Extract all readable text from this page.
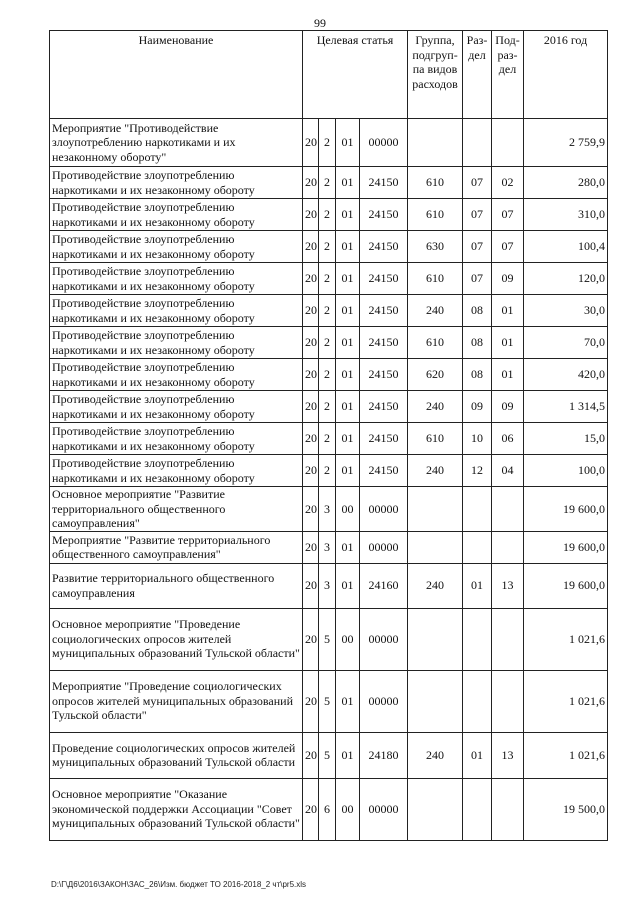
99
Наименование	Целевая статья				Группа, подгруп-па видов расходов	Раз-дел	Под-раз-дел	2016 год
Мероприятие "Противодействие злоупотреблению наркотиками и их незаконному обороту"	20	2	01	00000				2 759,9
Противодействие злоупотреблению наркотиками и их незаконному обороту	20	2	01	24150	610	07	02	280,0
Противодействие злоупотреблению наркотиками и их незаконному обороту	20	2	01	24150	610	07	07	310,0
Противодействие злоупотреблению наркотиками и их незаконному обороту	20	2	01	24150	630	07	07	100,4
Противодействие злоупотреблению наркотиками и их незаконному обороту	20	2	01	24150	610	07	09	120,0
Противодействие злоупотреблению наркотиками и их незаконному обороту	20	2	01	24150	240	08	01	30,0
Противодействие злоупотреблению наркотиками и их незаконному обороту	20	2	01	24150	610	08	01	70,0
Противодействие злоупотреблению наркотиками и их незаконному обороту	20	2	01	24150	620	08	01	420,0
Противодействие злоупотреблению наркотиками и их незаконному обороту	20	2	01	24150	240	09	09	1 314,5
Противодействие злоупотреблению наркотиками и их незаконному обороту	20	2	01	24150	610	10	06	15,0
Противодействие злоупотреблению наркотиками и их незаконному обороту	20	2	01	24150	240	12	04	100,0
Основное мероприятие "Развитие территориального общественного самоуправления"	20	3	00	00000				19 600,0
Мероприятие "Развитие территориального общественного самоуправления"	20	3	01	00000				19 600,0
Развитие территориального общественного самоуправления	20	3	01	24160	240	01	13	19 600,0
Основное мероприятие "Проведение социологических опросов жителей муниципальных образований Тульской области"	20	5	00	00000				1 021,6
Мероприятие "Проведение социологических опросов жителей муниципальных образований Тульской области"	20	5	01	00000				1 021,6
Проведение социологических опросов жителей муниципальных образований Тульской области	20	5	01	24180	240	01	13	1 021,6
Основное мероприятие "Оказание экономической поддержки Ассоциации "Совет муниципальных образований Тульской области"	20	6	00	00000				19 500,0
D:\Г\Д6\2016\ЗАКОН\ЗАС_26\Изм. бюджет ТО 2016-2018_2 чт\pr5.xls
